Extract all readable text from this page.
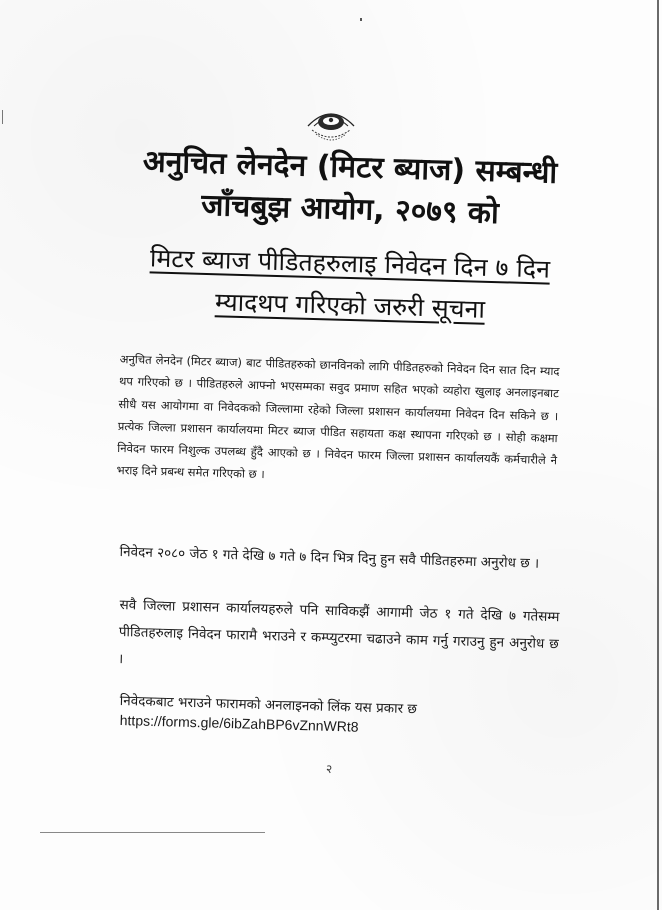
अनुचित लेनदेन (मिटर ब्याज) सम्बन्धी
जाँचबुझ आयोग, २०७९ को
मिटर ब्याज पीडितहरुलाइ निवेदन दिन ७ दिन
म्यादथप गरिएको जरुरी सूचना
अनुचित लेनदेन (मिटर ब्याज) बाट पीडितहरुको छानविनको लागि पीडितहरुको निवेदन दिन सात दिन म्याद थप गरिएको छ । पीडितहरुले आफ्नो भएसम्मका सवुद प्रमाण सहित भएको व्यहोरा खुलाइ अनलाइनबाट सीधै यस आयोगमा वा निवेदकको जिल्लामा रहेको जिल्ला प्रशासन कार्यालयमा निवेदन दिन सकिने छ । प्रत्येक जिल्ला प्रशासन कार्यालयमा मिटर ब्याज पीडित सहायता कक्ष स्थापना गरिएको छ । सोही कक्षमा निवेदन फारम निशुल्क उपलब्ध हुँदै आएको छ । निवेदन फारम जिल्ला प्रशासन कार्यालयकैं कर्मचारीले नै भराइ दिने प्रबन्ध समेत गरिएको छ ।
निवेदन २०८० जेठ १ गते देखि ७ गते ७ दिन भित्र दिनु हुन सवै पीडितहरुमा अनुरोध छ ।
सवै जिल्ला प्रशासन कार्यालयहरुले पनि साविकझैं आगामी जेठ १ गते देखि ७ गतेसम्म पीडितहरुलाइ निवेदन फारामै भराउने र कम्प्युटरमा चढाउने काम गर्नु गराउनु हुन अनुरोध छ ।
निवेदकबाट भराउने फारामको अनलाइनको लिंक यस प्रकार छ
https://forms.gle/6ibZahBP6vZnnWRt8
२
